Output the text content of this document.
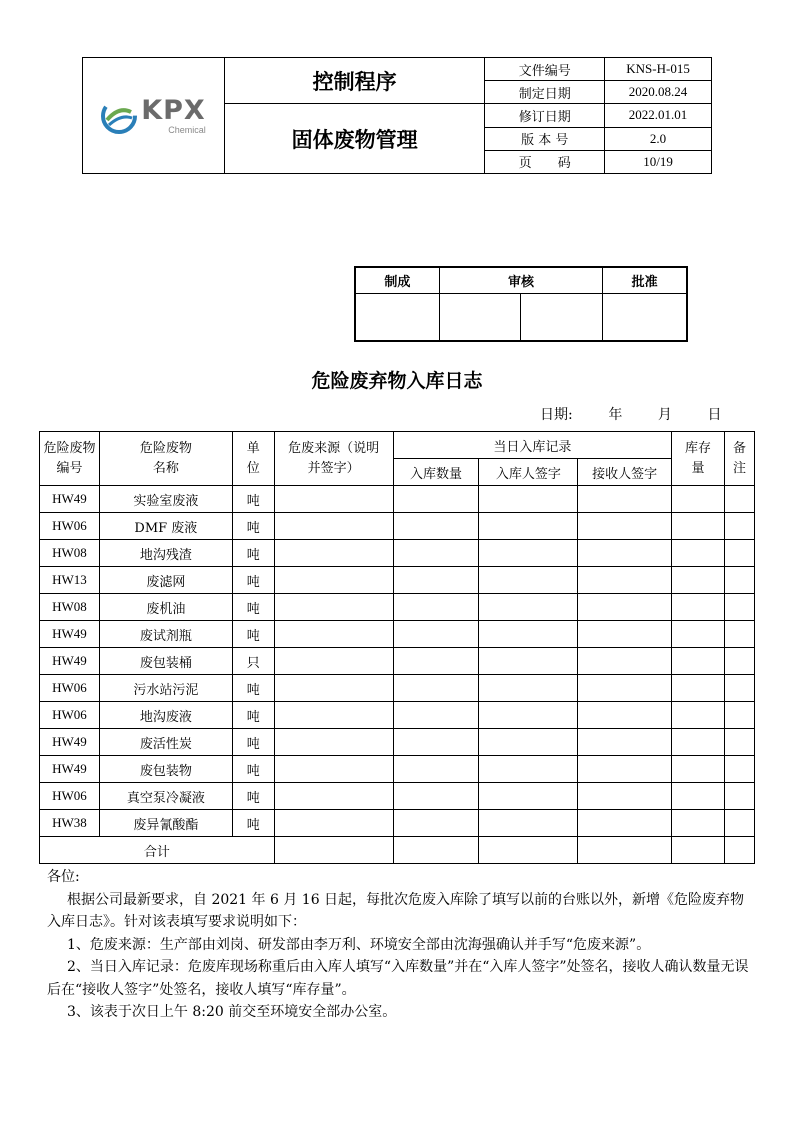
KPX
Chemical	控制程序	文件编号	KNS-H-015
		制定日期	2020.08.24
	固体废物管理	修订日期	2022.01.01
		版 本 号	2.0
		页　　码	10/19
制成	审核		批准

危险废弃物入库日志
日期:        年        月        日
危险废物编号	危险废物名称	单位	危废来源（说明并签字）	当日入库记录			库存量	备注

				入库数量	入库人签字	接收人签字		
HW49	实验室废液	吨						
HW06	DMF 废液	吨						
HW08	地沟残渣	吨						
HW13	废滤网	吨						
HW08	废机油	吨						
HW49	废试剂瓶	吨						
HW49	废包装桶	只						
HW06	污水站污泥	吨						
HW06	地沟废液	吨						
HW49	废活性炭	吨						
HW49	废包装物	吨						
HW06	真空泵冷凝液	吨						
HW38	废异氰酸酯	吨						
合计								

各位:

根据公司最新要求，自 2021 年 6 月 16 日起，每批次危废入库除了填写以前的台账以外，新增《危险废弃物入库日志》。针对该表填写要求说明如下：

1、危废来源：生产部由刘岗、研发部由李万利、环境安全部由沈海强确认并手写“危废来源”。

2、当日入库记录：危废库现场称重后由入库人填写“入库数量”并在“入库人签字”处签名，接收人确认数量无误后在“接收人签字”处签名，接收人填写“库存量”。

3、该表于次日上午 8:20 前交至环境安全部办公室。
